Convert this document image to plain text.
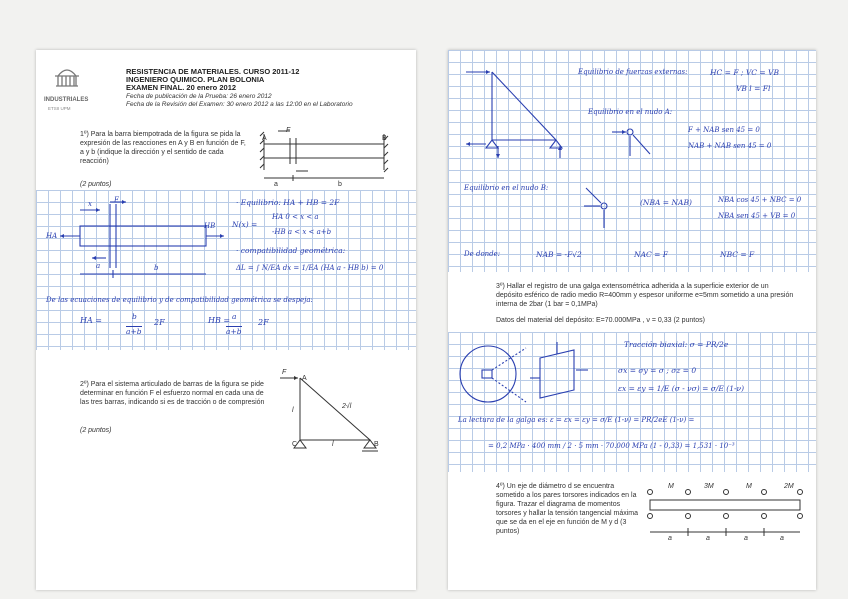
INDUSTRIALES
ETSII UPM
RESISTENCIA DE MATERIALES. CURSO 2011-12
INGENIERO QUIMICO. PLAN BOLONIA
EXAMEN FINAL. 20 enero 2012
Fecha de publicación de la Prueba: 26 enero 2012
Fecha de la Revisión del Examen: 30 enero 2012 a las 12:00 en el Laboratorio
1º) Para la barra biempotrada de la figura se pida la expresión de las reacciones en A y B en función de F, a y b (indique la dirección y el sentido de cada reacción)
(2 puntos)
F
A	B
a	b
HA
HB
x	F
a	b
· Equilibrio: HA + HB = 2F
N(x) =
HA 0 < x < a
-HB a < x < a+b
· compatibilidad geométrica:
ΔL = ∫ N/EA dx = 1/EA (HA a - HB b) = 0
De las ecuaciones de equilibrio y de compatibilidad geométrica se despeja:
HA =	b
a+b
2F	HB = a
a+b
2F
2º) Para el sistema articulado de barras de la figura se pide determinar en función F el esfuerzo normal en cada una de las tres barras, indicando si es de tracción o de compresión
(2 puntos)
F
l
l
2√l
C	B
A
Equilibrio de fuerzas externas:	HC = F ; VC = VB
VB l = Fl
Equilibrio en el nudo A:
F + NAB sen 45 = 0
NAB + NAB sen 45 = 0
Equilibrio en el nudo B:
(NBA = NAB)	NBA cos 45 + NBC = 0
NBA sen 45 + VB = 0
De donde:	NAB = -F√2	NAC = F	NBC = F
3º) Hallar el registro de una galga extensométrica adherida a la superficie exterior de un depósito esférico de radio medio R=400mm y espesor uniforme e=5mm sometido a una presión interna de 2bar (1 bar = 0,1MPa)
Datos del material del depósito: E=70.000MPa , ν = 0,33 (2 puntos)
Tracción biaxial: σ = PR/2e
σx = σy = σ ; σz = 0
εx = εy = 1/E (σ - νσ) = σ/E (1-ν)
La lectura de la galga es: ε = εx = εy = σ/E (1-ν) = PR/2eE (1-ν) =
= 0,2 MPa · 400 mm / 2 · 5 mm · 70.000 MPa (1 - 0,33) = 1,531 · 10⁻³
4º) Un eje de diámetro d se encuentra sometido a los pares torsores indicados en la figura. Trazar el diagrama de momentos torsores y hallar la tensión tangencial máxima que se da en el eje en función de M y d (3 puntos)
M	3M	M	2M
a	a	a	a
